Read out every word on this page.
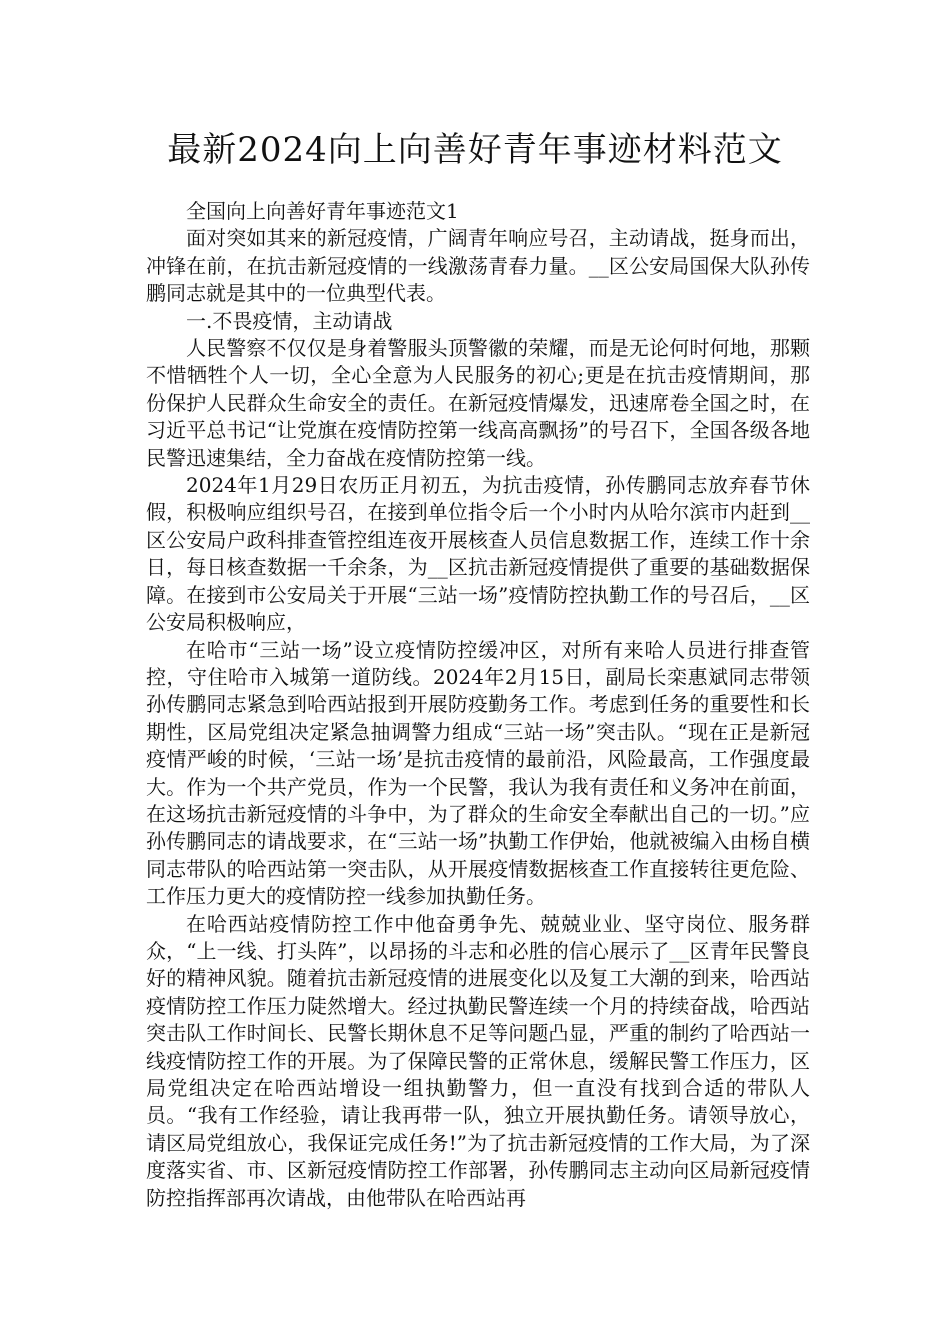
最新2024向上向善好青年事迹材料范文

全国向上向善好青年事迹范文1

面对突如其来的新冠疫情，广阔青年响应号召，主动请战，挺身而出，冲锋在前，在抗击新冠疫情的一线激荡青春力量。__区公安局国保大队孙传鹏同志就是其中的一位典型代表。

一.不畏疫情，主动请战

人民警察不仅仅是身着警服头顶警徽的荣耀，而是无论何时何地，那颗不惜牺牲个人一切，全心全意为人民服务的初心;更是在抗击疫情期间，那份保护人民群众生命安全的责任。在新冠疫情爆发，迅速席卷全国之时，在习近平总书记“让党旗在疫情防控第一线高高飘扬”的号召下，全国各级各地民警迅速集结，全力奋战在疫情防控第一线。

2024年1月29日农历正月初五，为抗击疫情，孙传鹏同志放弃春节休假，积极响应组织号召，在接到单位指令后一个小时内从哈尔滨市内赶到__区公安局户政科排查管控组连夜开展核查人员信息数据工作，连续工作十余日，每日核查数据一千余条，为__区抗击新冠疫情提供了重要的基础数据保障。在接到市公安局关于开展“三站一场”疫情防控执勤工作的号召后，__区公安局积极响应，

在哈市“三站一场”设立疫情防控缓冲区，对所有来哈人员进行排查管控，守住哈市入城第一道防线。2024年2月15日，副局长栾惠斌同志带领孙传鹏同志紧急到哈西站报到开展防疫勤务工作。考虑到任务的重要性和长期性，区局党组决定紧急抽调警力组成“三站一场”突击队。“现在正是新冠疫情严峻的时候，‘三站一场’是抗击疫情的最前沿，风险最高，工作强度最大。作为一个共产党员，作为一个民警，我认为我有责任和义务冲在前面，在这场抗击新冠疫情的斗争中，为了群众的生命安全奉献出自己的一切。”应孙传鹏同志的请战要求，在“三站一场”执勤工作伊始，他就被编入由杨自横同志带队的哈西站第一突击队，从开展疫情数据核查工作直接转往更危险、工作压力更大的疫情防控一线参加执勤任务。

在哈西站疫情防控工作中他奋勇争先、兢兢业业、坚守岗位、服务群众，“上一线、打头阵”，以昂扬的斗志和必胜的信心展示了__区青年民警良好的精神风貌。随着抗击新冠疫情的进展变化以及复工大潮的到来，哈西站疫情防控工作压力陡然增大。经过执勤民警连续一个月的持续奋战，哈西站突击队工作时间长、民警长期休息不足等问题凸显，严重的制约了哈西站一线疫情防控工作的开展。为了保障民警的正常休息，缓解民警工作压力，区局党组决定在哈西站增设一组执勤警力，但一直没有找到合适的带队人员。“我有工作经验，请让我再带一队，独立开展执勤任务。请领导放心，请区局党组放心，我保证完成任务!”为了抗击新冠疫情的工作大局，为了深度落实省、市、区新冠疫情防控工作部署，孙传鹏同志主动向区局新冠疫情防控指挥部再次请战，由他带队在哈西站再
